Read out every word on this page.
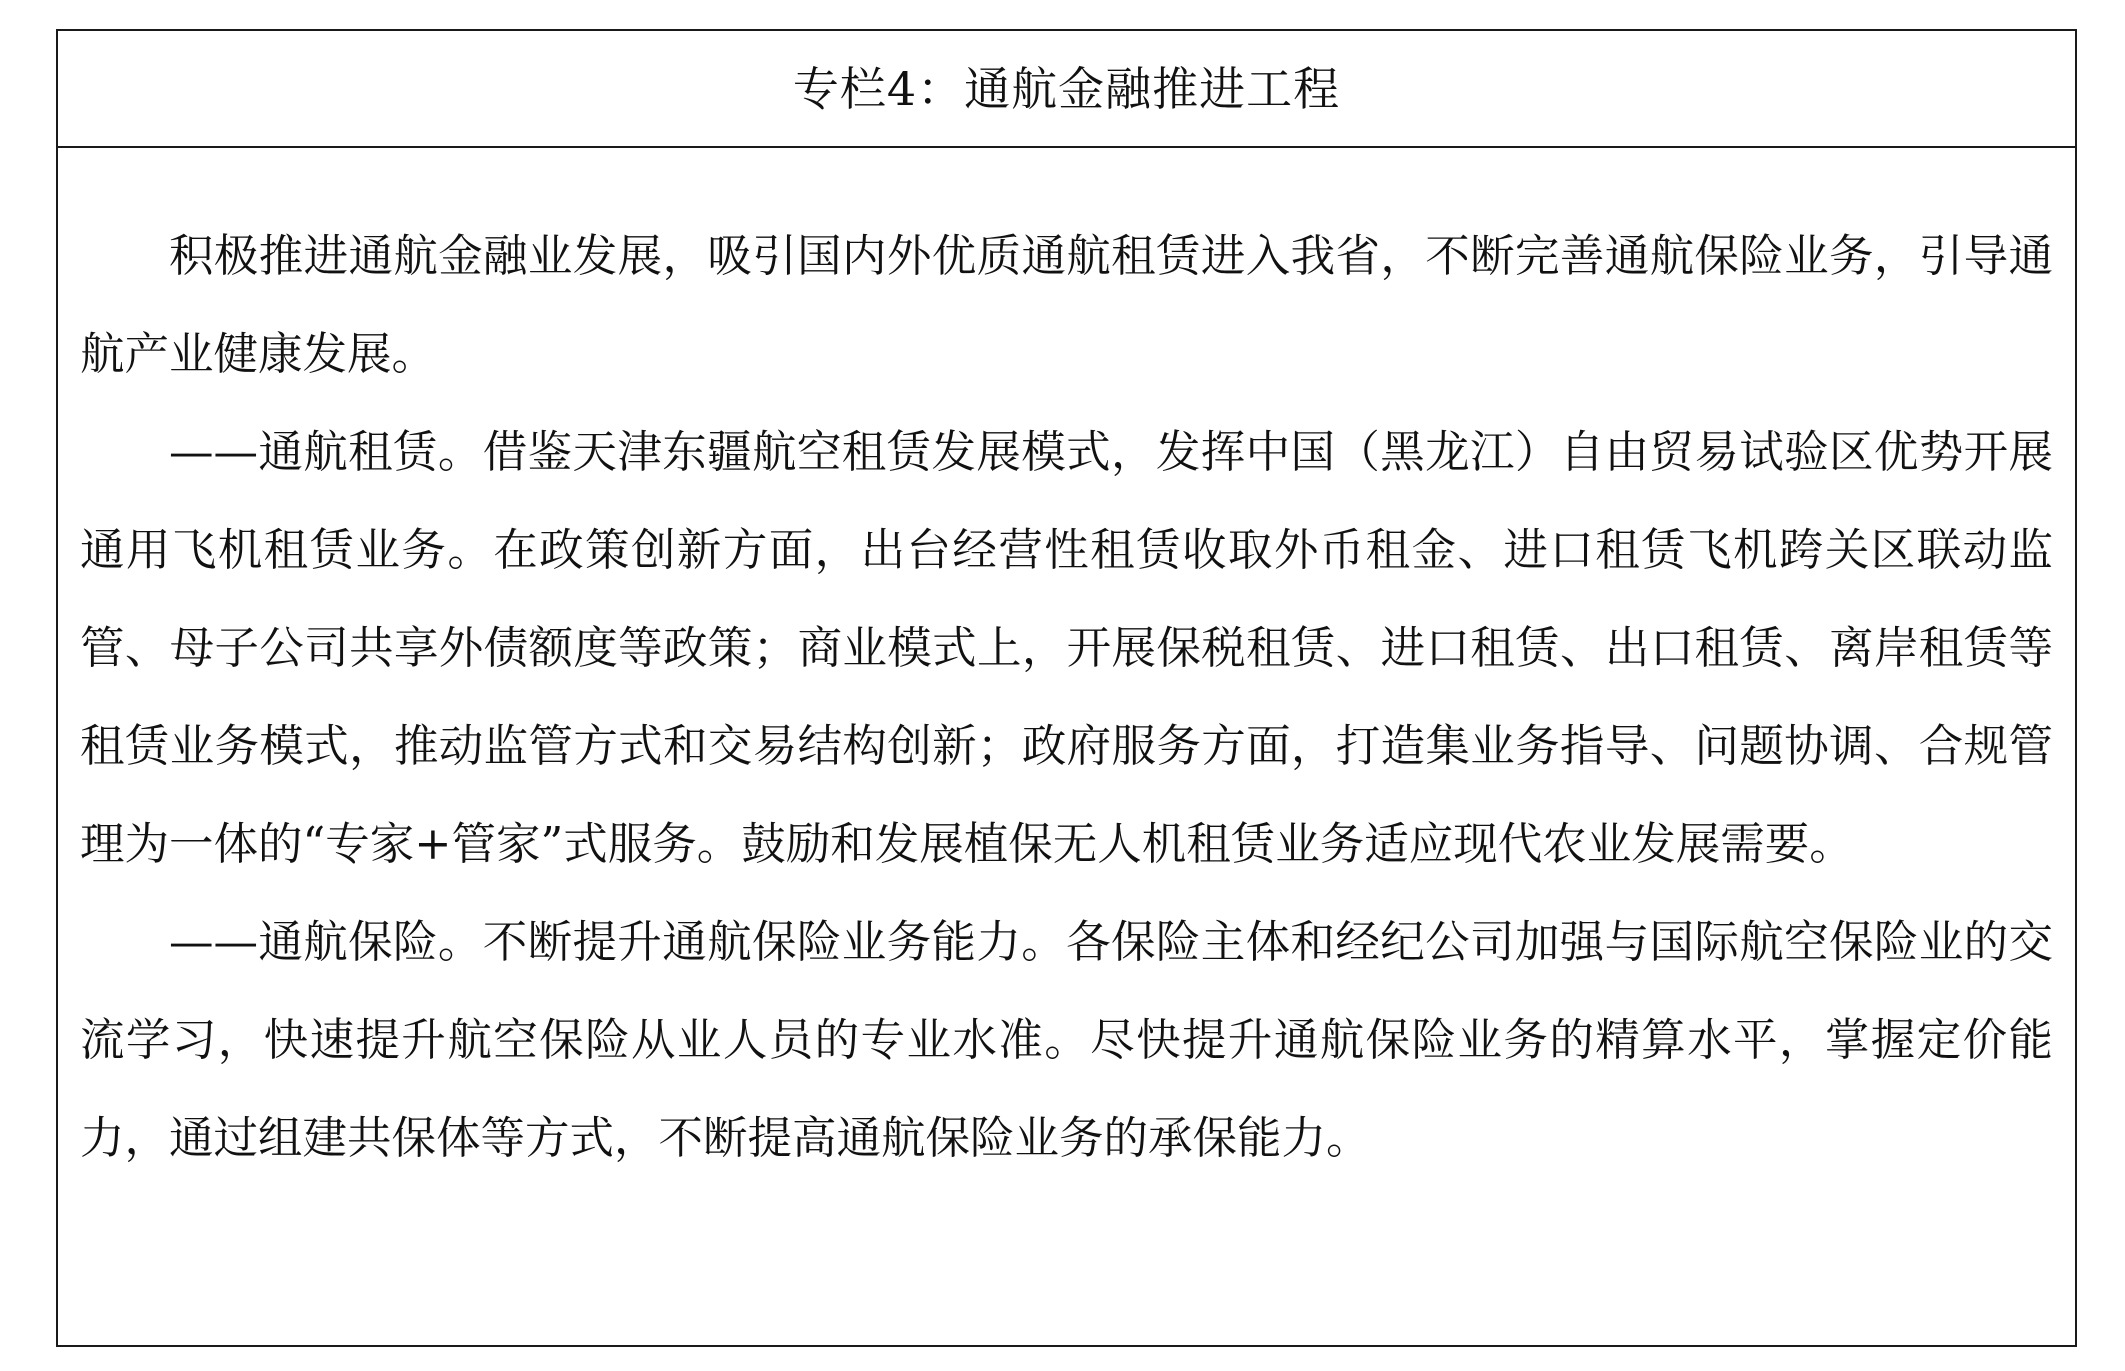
专栏4：通航金融推进工程

积极推进通航金融业发展，吸引国内外优质通航租赁进入我省，不断完善通航保险业务，引导通航产业健康发展。

——通航租赁。借鉴天津东疆航空租赁发展模式，发挥中国（黑龙江）自由贸易试验区优势开展通用飞机租赁业务。在政策创新方面，出台经营性租赁收取外币租金、进口租赁飞机跨关区联动监管、母子公司共享外债额度等政策；商业模式上，开展保税租赁、进口租赁、出口租赁、离岸租赁等租赁业务模式，推动监管方式和交易结构创新；政府服务方面，打造集业务指导、问题协调、合规管理为一体的“专家+管家”式服务。鼓励和发展植保无人机租赁业务适应现代农业发展需要。

——通航保险。不断提升通航保险业务能力。各保险主体和经纪公司加强与国际航空保险业的交流学习，快速提升航空保险从业人员的专业水准。尽快提升通航保险业务的精算水平，掌握定价能力，通过组建共保体等方式，不断提高通航保险业务的承保能力。
